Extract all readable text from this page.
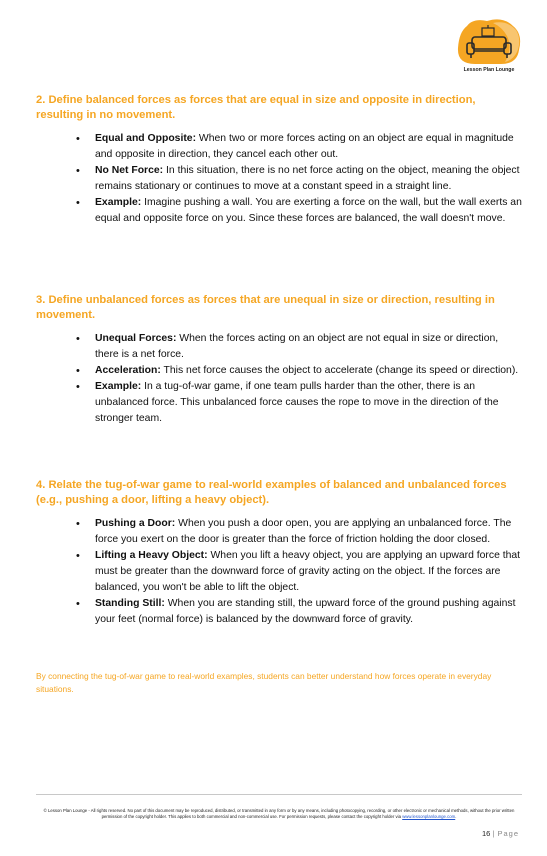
Lesson Plan Lounge
2. Define balanced forces as forces that are equal in size and opposite in direction, resulting in no movement.
• Equal and Opposite: When two or more forces acting on an object are equal in magnitude and opposite in direction, they cancel each other out.
• No Net Force: In this situation, there is no net force acting on the object, meaning the object remains stationary or continues to move at a constant speed in a straight line.
• Example: Imagine pushing a wall. You are exerting a force on the wall, but the wall exerts an equal and opposite force on you. Since these forces are balanced, the wall doesn't move.
3. Define unbalanced forces as forces that are unequal in size or direction, resulting in movement.
• Unequal Forces: When the forces acting on an object are not equal in size or direction, there is a net force.
• Acceleration: This net force causes the object to accelerate (change its speed or direction).
• Example: In a tug-of-war game, if one team pulls harder than the other, there is an unbalanced force. This unbalanced force causes the rope to move in the direction of the stronger team.
4. Relate the tug-of-war game to real-world examples of balanced and unbalanced forces (e.g., pushing a door, lifting a heavy object).
• Pushing a Door: When you push a door open, you are applying an unbalanced force. The force you exert on the door is greater than the force of friction holding the door closed.
• Lifting a Heavy Object: When you lift a heavy object, you are applying an upward force that must be greater than the downward force of gravity acting on the object. If the forces are balanced, you won't be able to lift the object.
• Standing Still: When you are standing still, the upward force of the ground pushing against your feet (normal force) is balanced by the downward force of gravity.
By connecting the tug-of-war game to real-world examples, students can better understand how forces operate in everyday situations.
© Lesson Plan Lounge - All rights reserved. No part of this document may be reproduced, distributed, or transmitted in any form or by any means, including photocopying, recording, or other electronic or mechanical methods, without the prior written permission of the copyright holder. This applies to both commercial and non-commercial use. For permission requests, please contact the copyright holder via www.lessonplanlounge.com.
16 | Page
